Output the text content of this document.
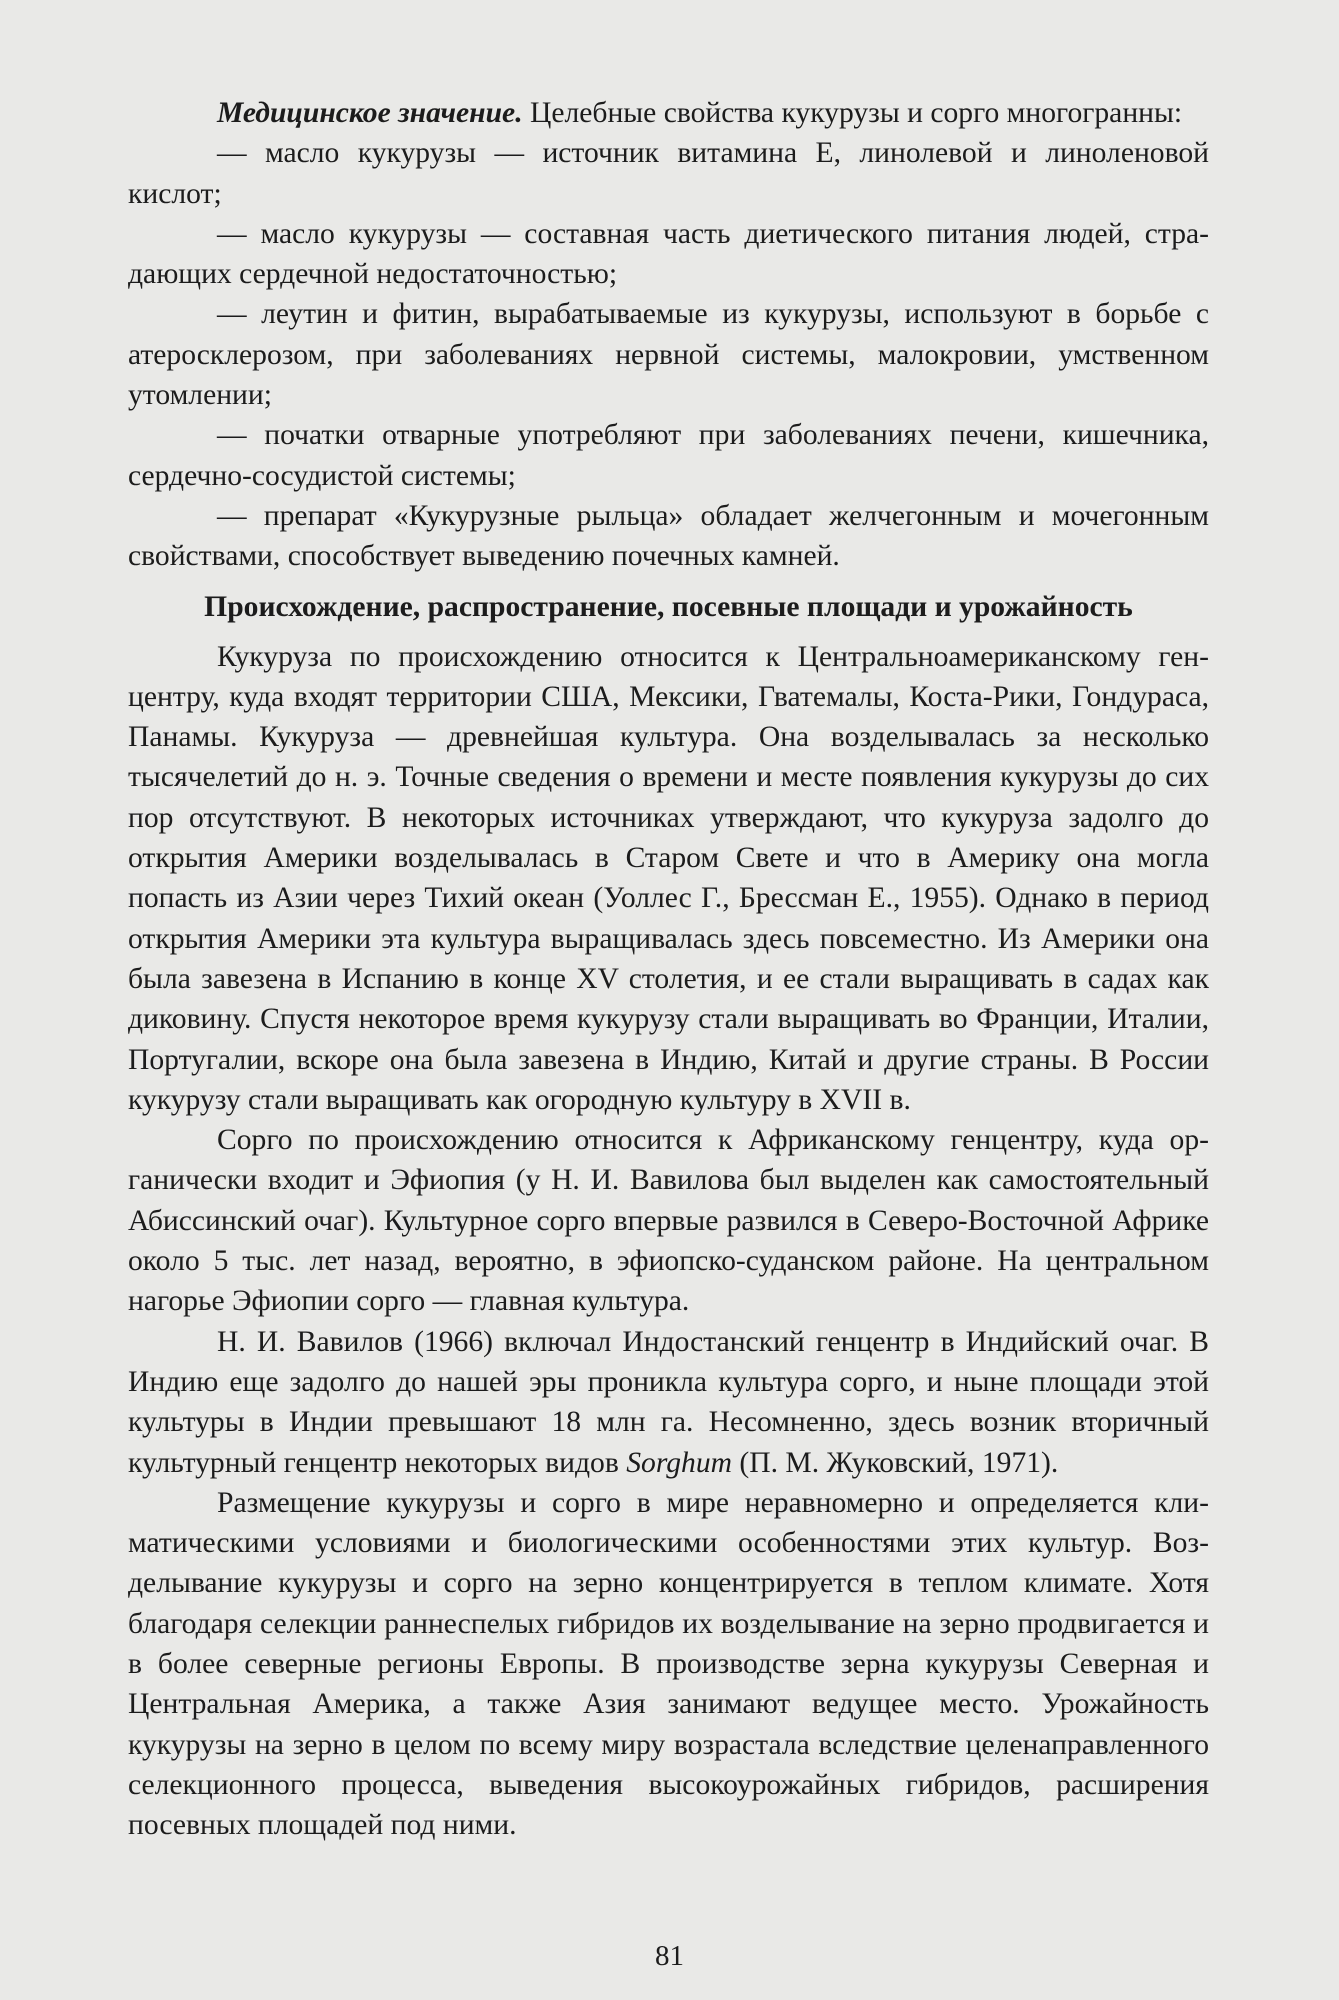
Медицинское значение. Целебные свойства кукурузы и сорго многогранны:

— масло кукурузы — источник витамина Е, линолевой и линоленовой кислот;

— масло кукурузы — составная часть диетического питания людей, страдающих сердечной недостаточностью;

— леутин и фитин, вырабатываемые из кукурузы, используют в борьбе с атеросклерозом, при заболеваниях нервной системы, малокровии, умственном утомлении;

— початки отварные употребляют при заболеваниях печени, кишечника, сердечно-сосудистой системы;

— препарат «Кукурузные рыльца» обладает желчегонным и мочегонным свойствами, способствует выведению почечных камней.

Происхождение, распространение, посевные площади и урожайность

Кукуруза по происхождению относится к Центральноамериканскому генцентру, куда входят территории США, Мексики, Гватемалы, Коста-Рики, Гондураса, Панамы. Кукуруза — древнейшая культура. Она возделывалась за несколько тысячелетий до н. э. Точные сведения о времени и месте появления кукурузы до сих пор отсутствуют. В некоторых источниках утверждают, что кукуруза задолго до открытия Америки возделывалась в Старом Свете и что в Америку она могла попасть из Азии через Тихий океан (Уоллес Г., Брессман Е., 1955). Однако в период открытия Америки эта культура выращивалась здесь повсеместно. Из Америки она была завезена в Испанию в конце XV столетия, и ее стали выращивать в садах как диковину. Спустя некоторое время кукурузу стали выращивать во Франции, Италии, Португалии, вскоре она была завезена в Индию, Китай и другие страны. В России кукурузу стали выращивать как огородную культуру в XVII в.

Сорго по происхождению относится к Африканскому генцентру, куда органически входит и Эфиопия (у Н. И. Вавилова был выделен как самостоятельный Абиссинский очаг). Культурное сорго впервые развился в Северо-Восточной Африке около 5 тыс. лет назад, вероятно, в эфиопско-суданском районе. На центральном нагорье Эфиопии сорго — главная культура.

Н. И. Вавилов (1966) включал Индостанский генцентр в Индийский очаг. В Индию еще задолго до нашей эры проникла культура сорго, и ныне площади этой культуры в Индии превышают 18 млн га. Несомненно, здесь возник вторичный культурный генцентр некоторых видов Sorghum (П. М. Жуковский, 1971).

Размещение кукурузы и сорго в мире неравномерно и определяется климатическими условиями и биологическими особенностями этих культур. Возделывание кукурузы и сорго на зерно концентрируется в теплом климате. Хотя благодаря селекции раннеспелых гибридов их возделывание на зерно продвигается и в более северные регионы Европы. В производстве зерна кукурузы Северная и Центральная Америка, а также Азия занимают ведущее место. Урожайность кукурузы на зерно в целом по всему миру возрастала вследствие целенаправленного селекционного процесса, выведения высокоурожайных гибридов, расширения посевных площадей под ними.

81
